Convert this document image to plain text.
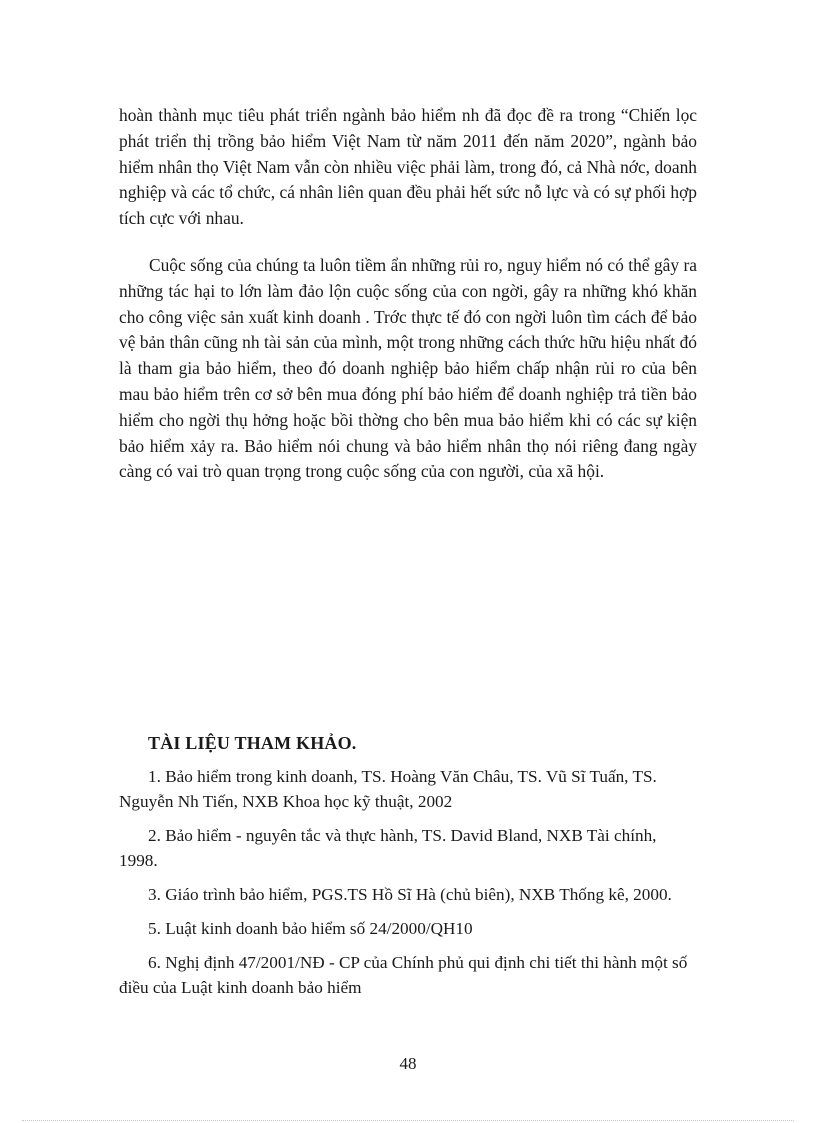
hoàn thành mục tiêu phát triển ngành bảo hiểm nh đã đọc đề ra trong “Chiến lọc phát triển thị trồng bảo hiểm Việt Nam từ năm 2011 đến năm 2020”, ngành bảo hiểm nhân thọ Việt Nam vẫn còn nhiều việc phải làm, trong đó, cả Nhà nớc, doanh nghiệp và các tổ chức, cá nhân liên quan đều phải hết sức nỗ lực và có sự phối hợp tích cực với nhau.

Cuộc sống của chúng ta luôn tiềm ẩn những rủi ro, nguy hiểm nó có thể gây ra những tác hại to lớn làm đảo lộn cuộc sống của con ngời, gây ra những khó khăn cho công việc sản xuất kinh doanh . Trớc thực tế đó con ngời luôn tìm cách để bảo vệ bản thân cũng nh tài sản của mình, một trong những cách thức hữu hiệu nhất đó là tham gia bảo hiểm, theo đó doanh nghiệp bảo hiểm chấp nhận rủi ro của bên mau bảo hiểm trên cơ sở bên mua đóng phí bảo hiểm để doanh nghiệp trả tiền bảo hiểm cho ngời thụ hởng hoặc bồi thờng cho bên mua bảo hiểm khi có các sự kiện bảo hiểm xảy ra. Bảo hiểm nói chung và bảo hiểm nhân thọ nói riêng đang ngày càng có vai trò quan trọng trong cuộc sống của con người, của xã hội.

TÀI LIỆU THAM KHẢO.
1. Bảo hiểm trong kinh doanh, TS. Hoàng Văn Châu, TS. Vũ Sĩ Tuấn, TS. Nguyễn Nh Tiến, NXB Khoa học kỹ thuật, 2002
2. Bảo hiểm - nguyên tắc và thực hành, TS. David Bland, NXB Tài chính, 1998.
3. Giáo trình bảo hiểm, PGS.TS Hồ Sĩ Hà (chủ biên), NXB Thống kê, 2000.
5. Luật kinh doanh bảo hiểm số 24/2000/QH10
6. Nghị định 47/2001/NĐ - CP của Chính phủ qui định chi tiết thi hành một số điều của Luật kinh doanh bảo hiểm

48
